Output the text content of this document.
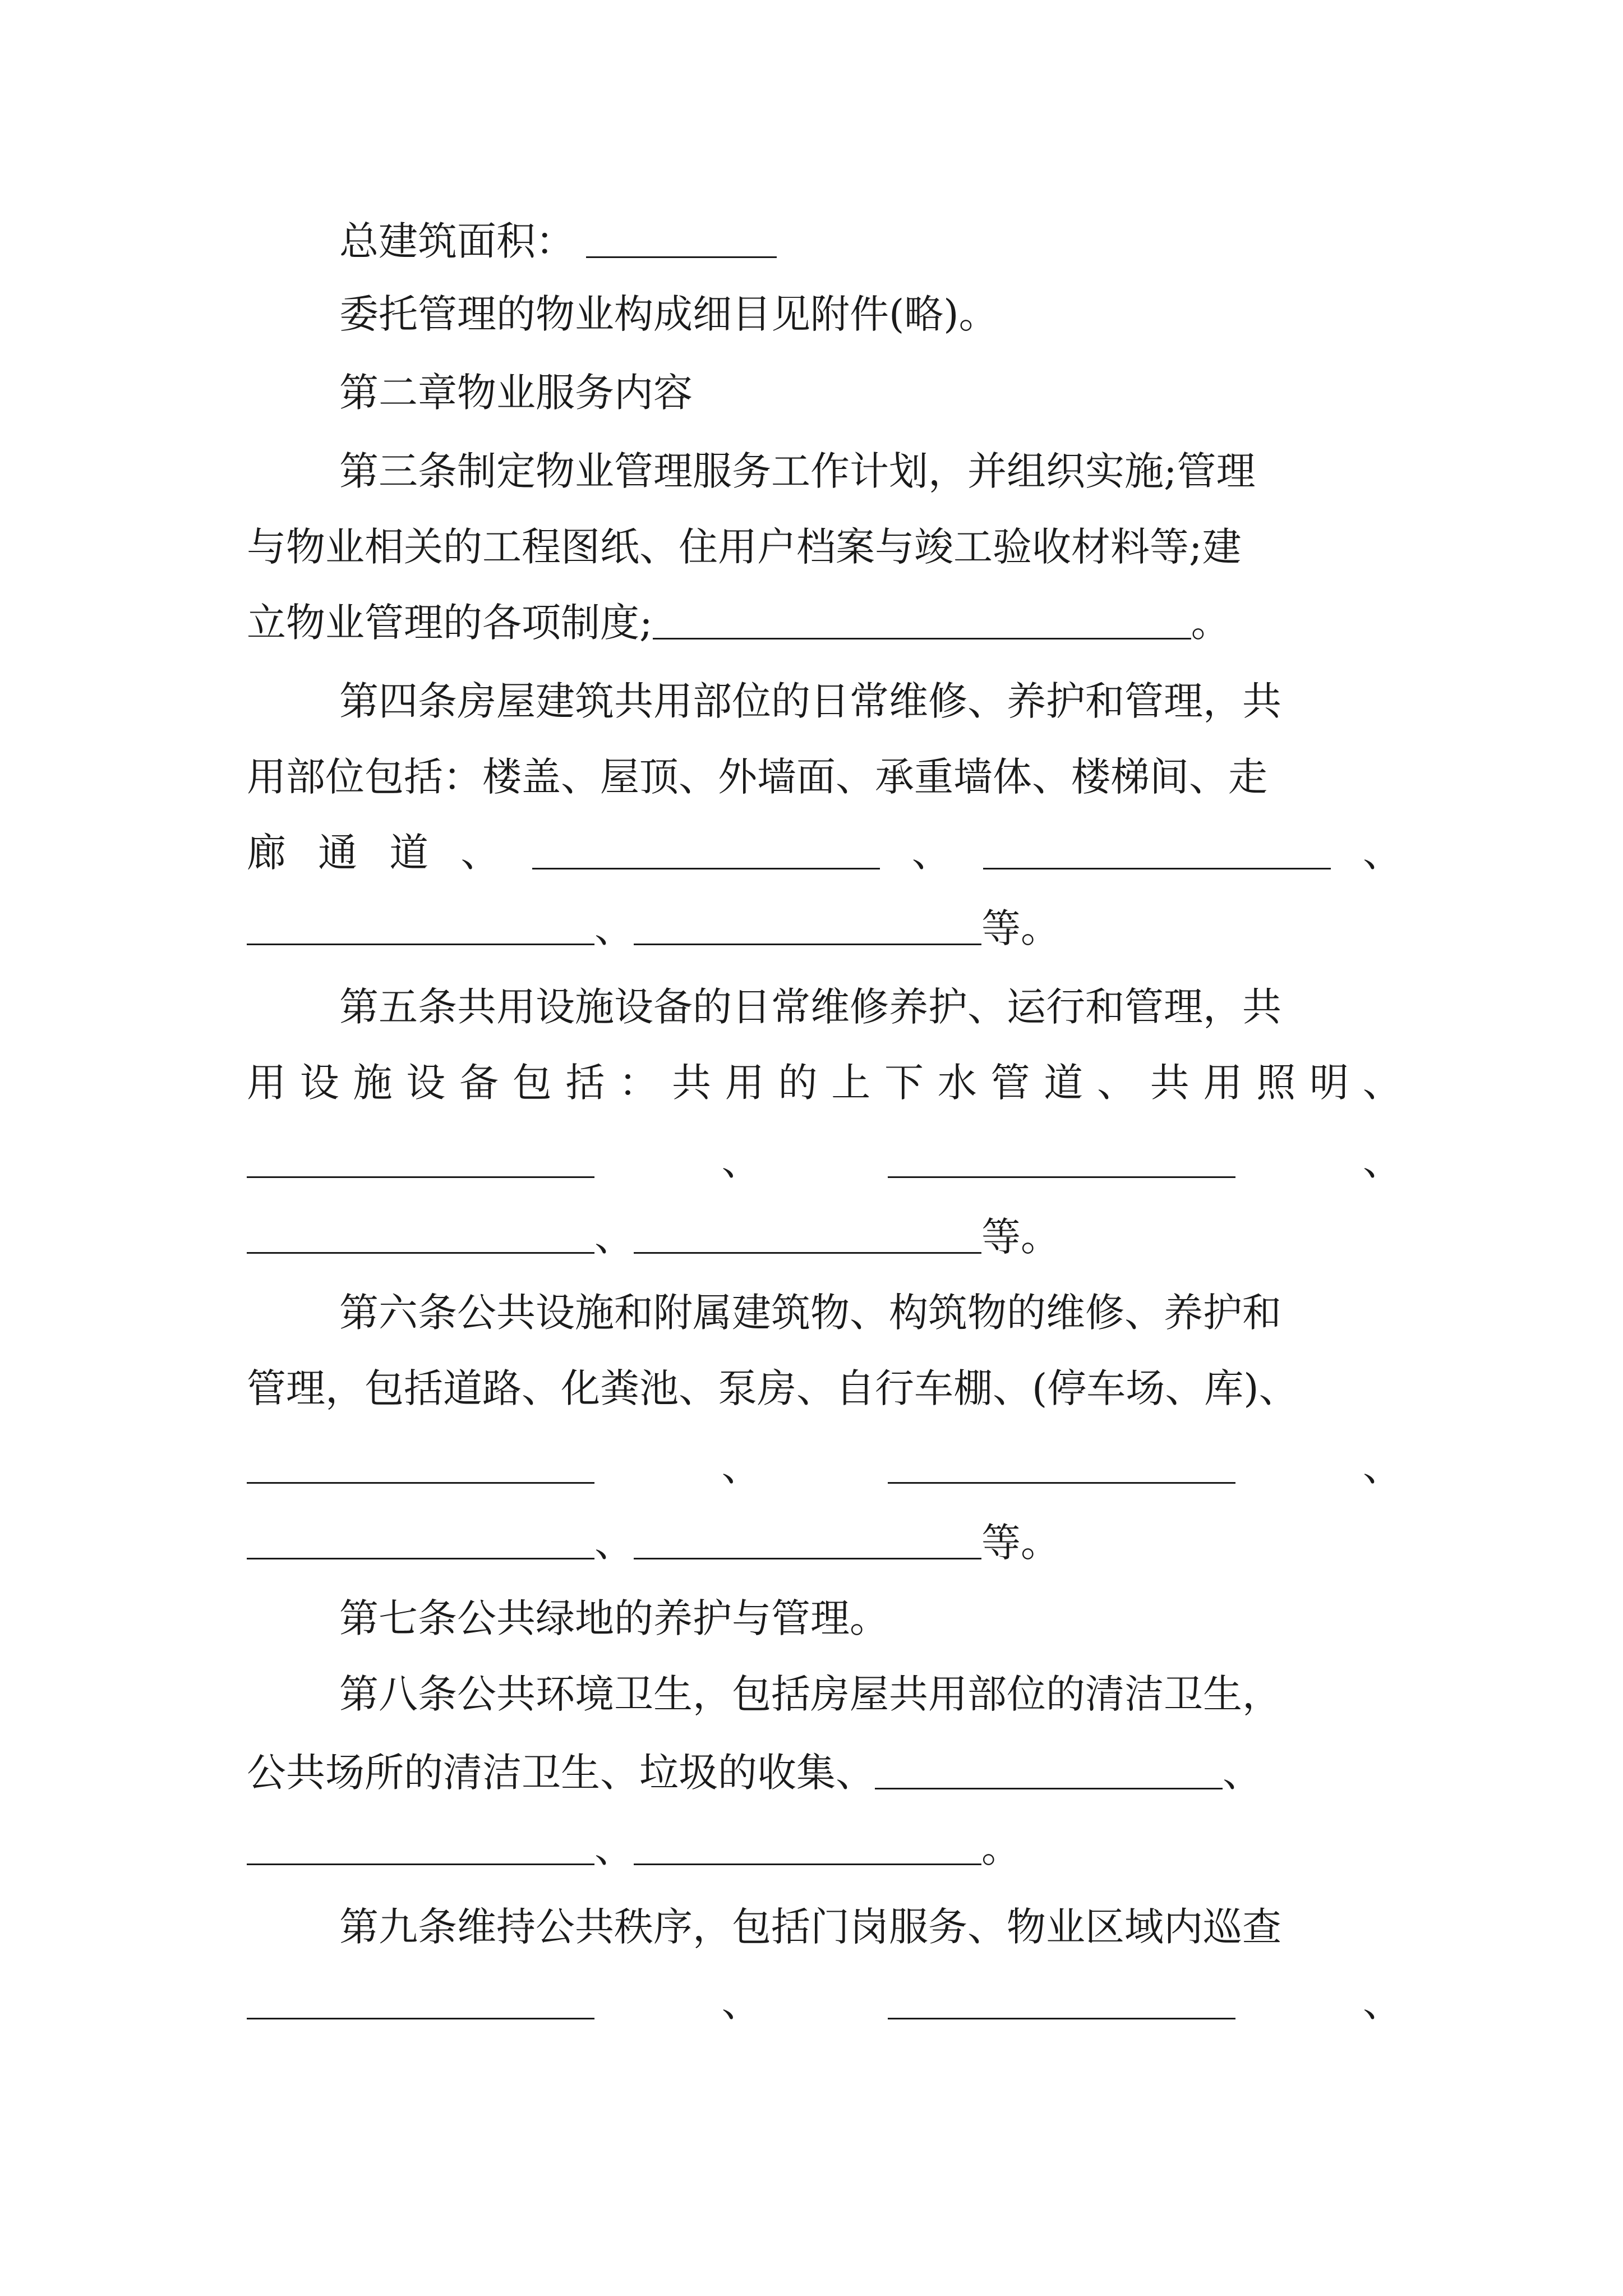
总建筑面积：
委托管理的物业构成细目见附件(略)。
第二章物业服务内容
第三条制定物业管理服务工作计划，并组织实施;管理
与物业相关的工程图纸、住用户档案与竣工验收材料等;建
立物业管理的各项制度;	。
第四条房屋建筑共用部位的日常维修、养护和管理，共
用部位包括：楼盖、屋顶、外墙面、承重墙体、楼梯间、走
廊 通 道 、	、	、
、	等。
第五条共用设施设备的日常维修养护、运行和管理，共
用 设 施 设 备 包 括 ： 共 用 的 上 下 水 管 道 、 共 用 照 明 、
、	、
、	等。
第六条公共设施和附属建筑物、构筑物的维修、养护和
管理，包括道路、化粪池、泵房、自行车棚、(停车场、库)、
、	、
、	等。
第七条公共绿地的养护与管理。
第八条公共环境卫生，包括房屋共用部位的清洁卫生，
公共场所的清洁卫生、垃圾的收集、	、
、	。
第九条维持公共秩序，包括门岗服务、物业区域内巡查
、	、
